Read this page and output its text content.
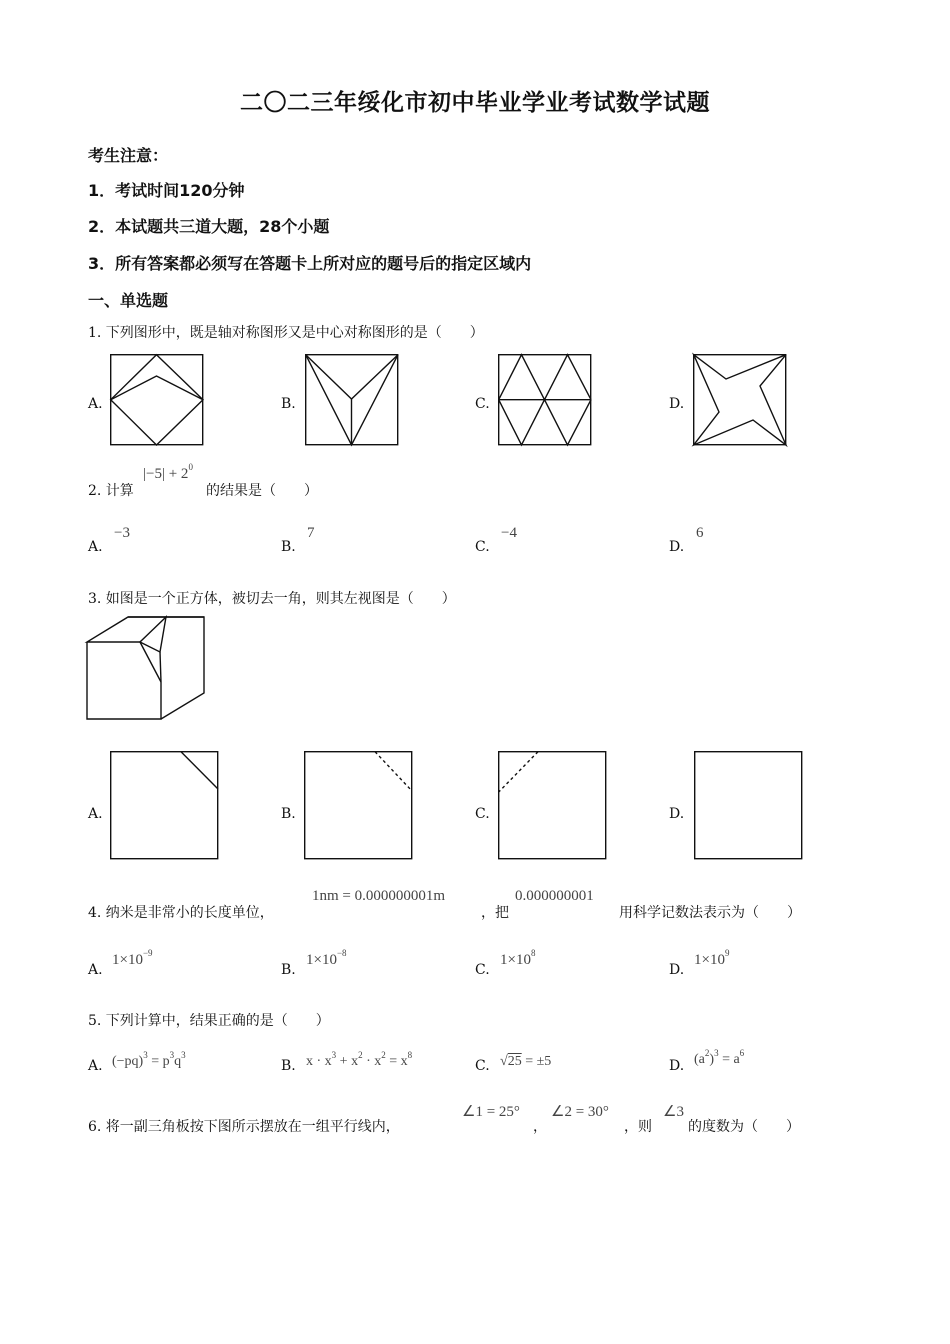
二〇二三年绥化市初中毕业学业考试数学试题
考生注意：
1．考试时间120分钟
2．本试题共三道大题，28个小题
3．所有答案都必须写在答题卡上所对应的题号后的指定区域内
一、单选题
1. 下列图形中，既是轴对称图形又是中心对称图形的是（　　）
A.	B.	C.	D.
2. 计算
$|-5| + 2^0$
的结果是（　　）
A.
−3
B.
7
C.
−4
D.
6
3. 如图是一个正方体，被切去一角，则其左视图是（　　）
A.	B.	C.	D.
4. 纳米是非常小的长度单位，
1nm = 0.000000001m
，把
0.000000001
用科学记数法表示为（　　）
A.
$1\times 10^{-9}$
B.
$1\times 10^{-8}$
C.
$1\times 10^8$
D.
$1\times 10^9$
5. 下列计算中，结果正确的是（　　）
A. $(-pq)^3 = p^3q^3$
B. $x \cdot x^3 + x^2 \cdot x^2 = x^8$
C. √25 = ±5	D. $(a^2)^3 = a^6$
6. 将一副三角板按下图所示摆放在一组平行线内，
∠1 = 25°
，
∠2 = 30°
，则
∠3
的度数为（　　）
